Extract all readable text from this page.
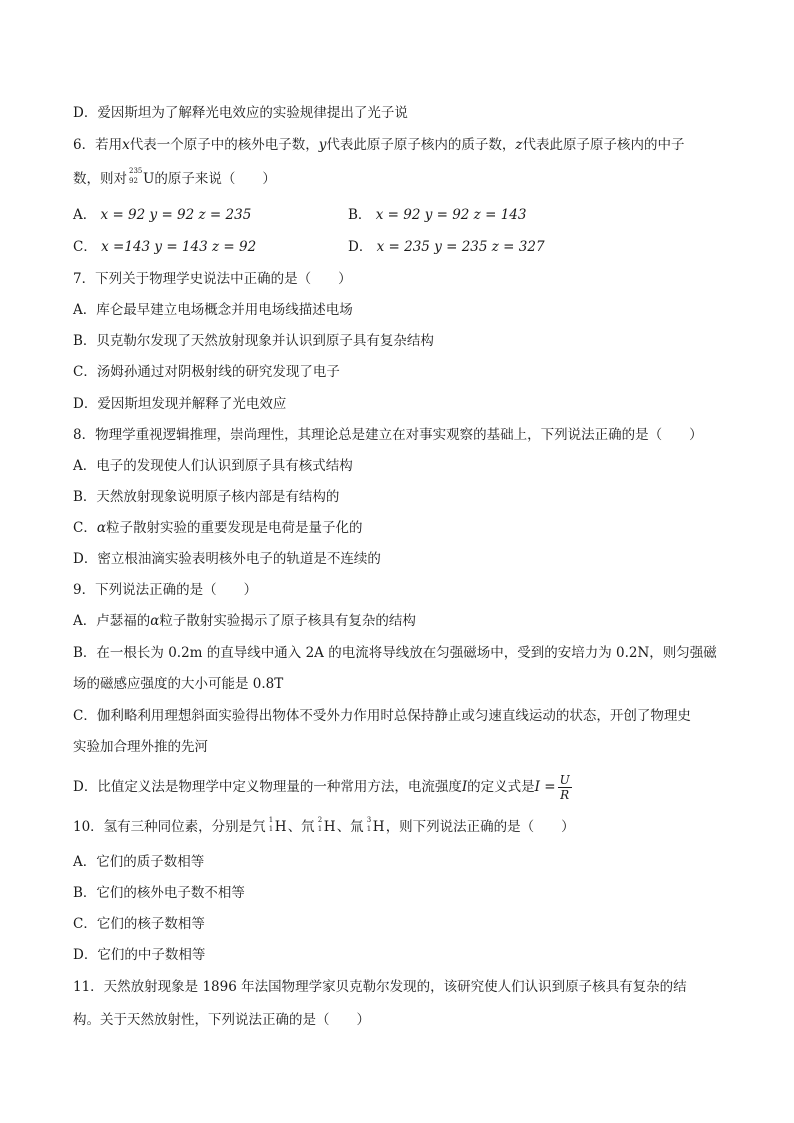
D．爱因斯坦为了解释光电效应的实验规律提出了光子说
6．若用x代表一个原子中的核外电子数，y代表此原子原子核内的质子数，z代表此原子原子核内的中子
数，则对 235
92 U的原子来说（　　）
A． x = 92 y = 92 z = 235	B． x = 92 y = 92 z = 143
C． x =143 y = 143 z = 92	D． x = 235 y = 235 z = 327
7．下列关于物理学史说法中正确的是（　　）
A．库仑最早建立电场概念并用电场线描述电场
B．贝克勒尔发现了天然放射现象并认识到原子具有复杂结构
C．汤姆孙通过对阴极射线的研究发现了电子
D．爱因斯坦发现并解释了光电效应
8．物理学重视逻辑推理，崇尚理性，其理论总是建立在对事实观察的基础上，下列说法正确的是（　　）
A．电子的发现使人们认识到原子具有核式结构
B．天然放射现象说明原子核内部是有结构的
C．α粒子散射实验的重要发现是电荷是量子化的
D．密立根油滴实验表明核外电子的轨道是不连续的
9．下列说法正确的是（　　）
A．卢瑟福的α粒子散射实验揭示了原子核具有复杂的结构
B．在一根长为 0.2m 的直导线中通入 2A 的电流将导线放在匀强磁场中，受到的安培力为 0.2N，则匀强磁
场的磁感应强度的大小可能是 0.8T
C．伽利略利用理想斜面实验得出物体不受外力作用时总保持静止或匀速直线运动的状态，开创了物理史
实验加合理外推的先河
D．比值定义法是物理学中定义物理量的一种常用方法，电流强度I的定义式是$I = \frac{U}{R}$
10．氢有三种同位素，分别是氕 1
1 H 、氘 2
1 H 、氚 3
1 H ，则下列说法正确的是（　　）
A．它们的质子数相等
B．它们的核外电子数不相等
C．它们的核子数相等
D．它们的中子数相等
11．天然放射现象是 1896 年法国物理学家贝克勒尔发现的，该研究使人们认识到原子核具有复杂的结
构。关于天然放射性，下列说法正确的是（　　）
